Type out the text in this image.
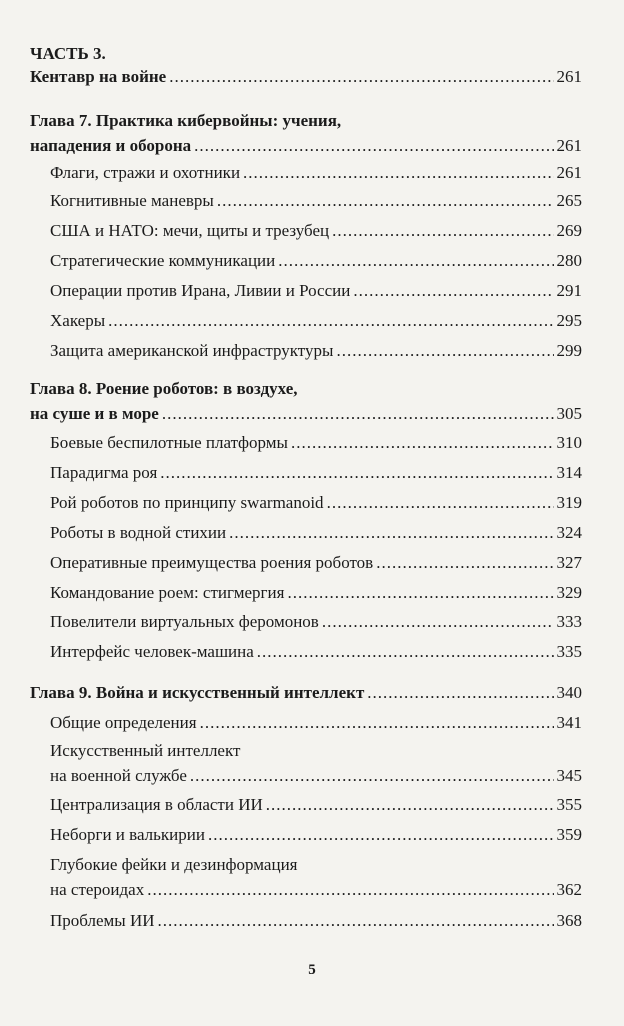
ЧАСТЬ 3.
Кентавр на войне .....	261
Глава 7. Практика кибервойны: учения,
нападения и оборона .....	261
Флаги, стражи и охотники .....	261
Когнитивные маневры .....	265
США и НАТО: мечи, щиты и трезубец .....	269
Стратегические коммуникации .....	280
Операции против Ирана, Ливии и России .....	291
Хакеры .....	295
Защита американской инфраструктуры .....	299
Глава 8. Роение роботов: в воздухе,
на суше и в море .....	305
Боевые беспилотные платформы .....	310
Парадигма роя .....	314
Рой роботов по принципу swarmanoid .....	319
Роботы в водной стихии .....	324
Оперативные преимущества роения роботов .....	327
Командование роем: стигмергия .....	329
Повелители виртуальных феромонов .....	333
Интерфейс человек-машина .....	335
Глава 9. Война и искусственный интеллект .....	340
Общие определения .....	341
Искусственный интеллект
на военной службе .....	345
Централизация в области ИИ .....	355
Неборги и валькирии .....	359
Глубокие фейки и дезинформация
на стероидах .....	362
Проблемы ИИ .....	368
5
